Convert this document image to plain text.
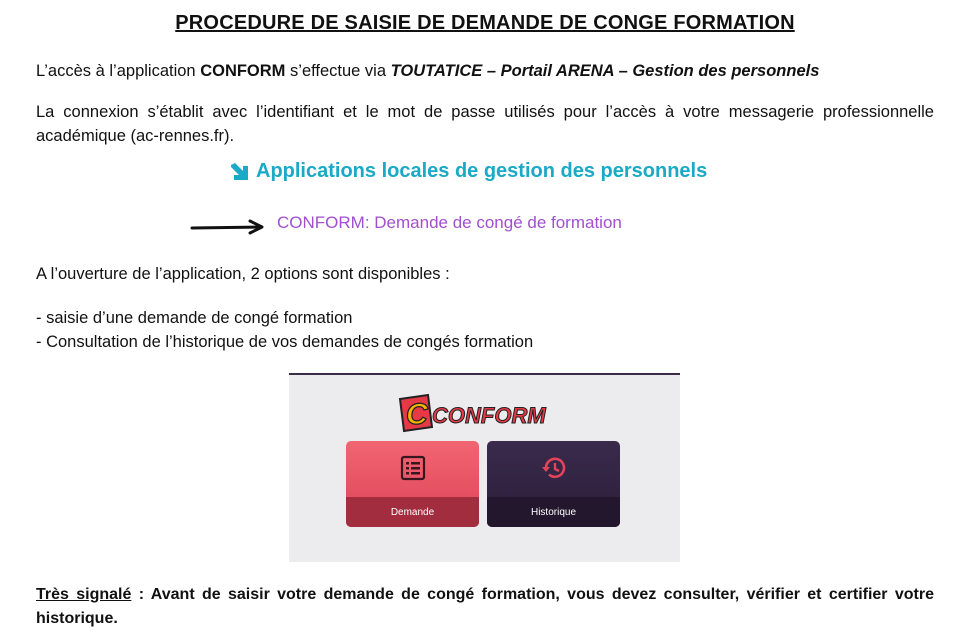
PROCEDURE DE SAISIE DE DEMANDE DE CONGE FORMATION
L’accès à l’application CONFORM s’effectue via TOUTATICE – Portail ARENA – Gestion des personnels
La connexion s’établit avec l’identifiant et le mot de passe utilisés pour l’accès à votre messagerie professionnelle académique (ac-rennes.fr).
Applications locales de gestion des personnels
CONFORM: Demande de congé de formation
A l’ouverture de l’application, 2 options sont disponibles :
- saisie d’une demande de congé formation
- Consultation de l’historique de vos demandes de congés formation
C CONFORM
Demande	Historique
Très signalé : Avant de saisir votre demande de congé formation, vous devez consulter, vérifier et certifier votre historique.
